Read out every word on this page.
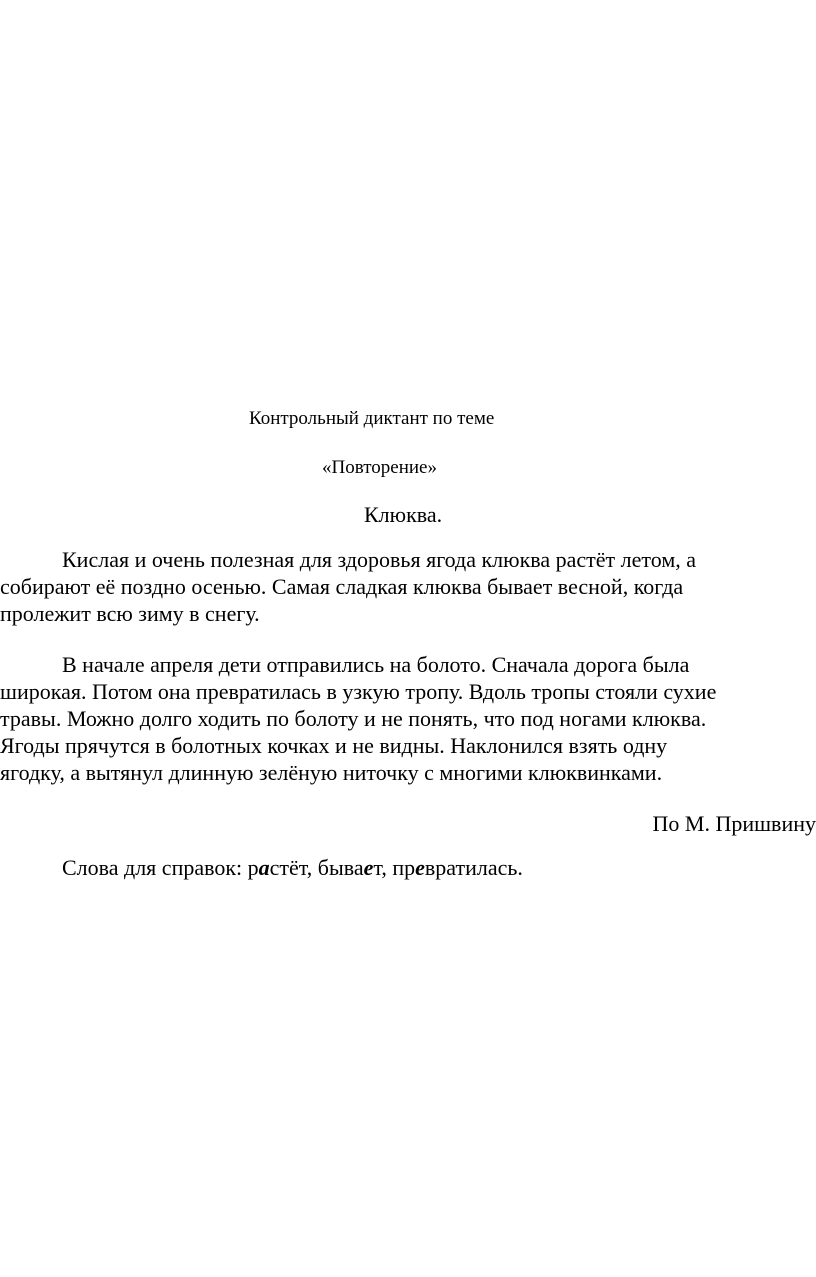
Контрольный диктант по теме
«Повторение»
Клюква.
Кислая и очень полезная для здоровья ягода клюква растёт летом, а
собирают её поздно осенью. Самая сладкая клюква бывает весной, когда
пролежит всю зиму в снегу.
В начале апреля дети отправились на болото. Сначала дорога была
широкая. Потом она превратилась в узкую тропу. Вдоль тропы стояли сухие
травы. Можно долго ходить по болоту и не понять, что под ногами клюква.
Ягоды прячутся в болотных кочках и не видны. Наклонился взять одну
ягодку, а вытянул длинную зелёную ниточку с многими клюквинками.
По М. Пришвину
Слова для справок: растёт, бывает, превратилась.
